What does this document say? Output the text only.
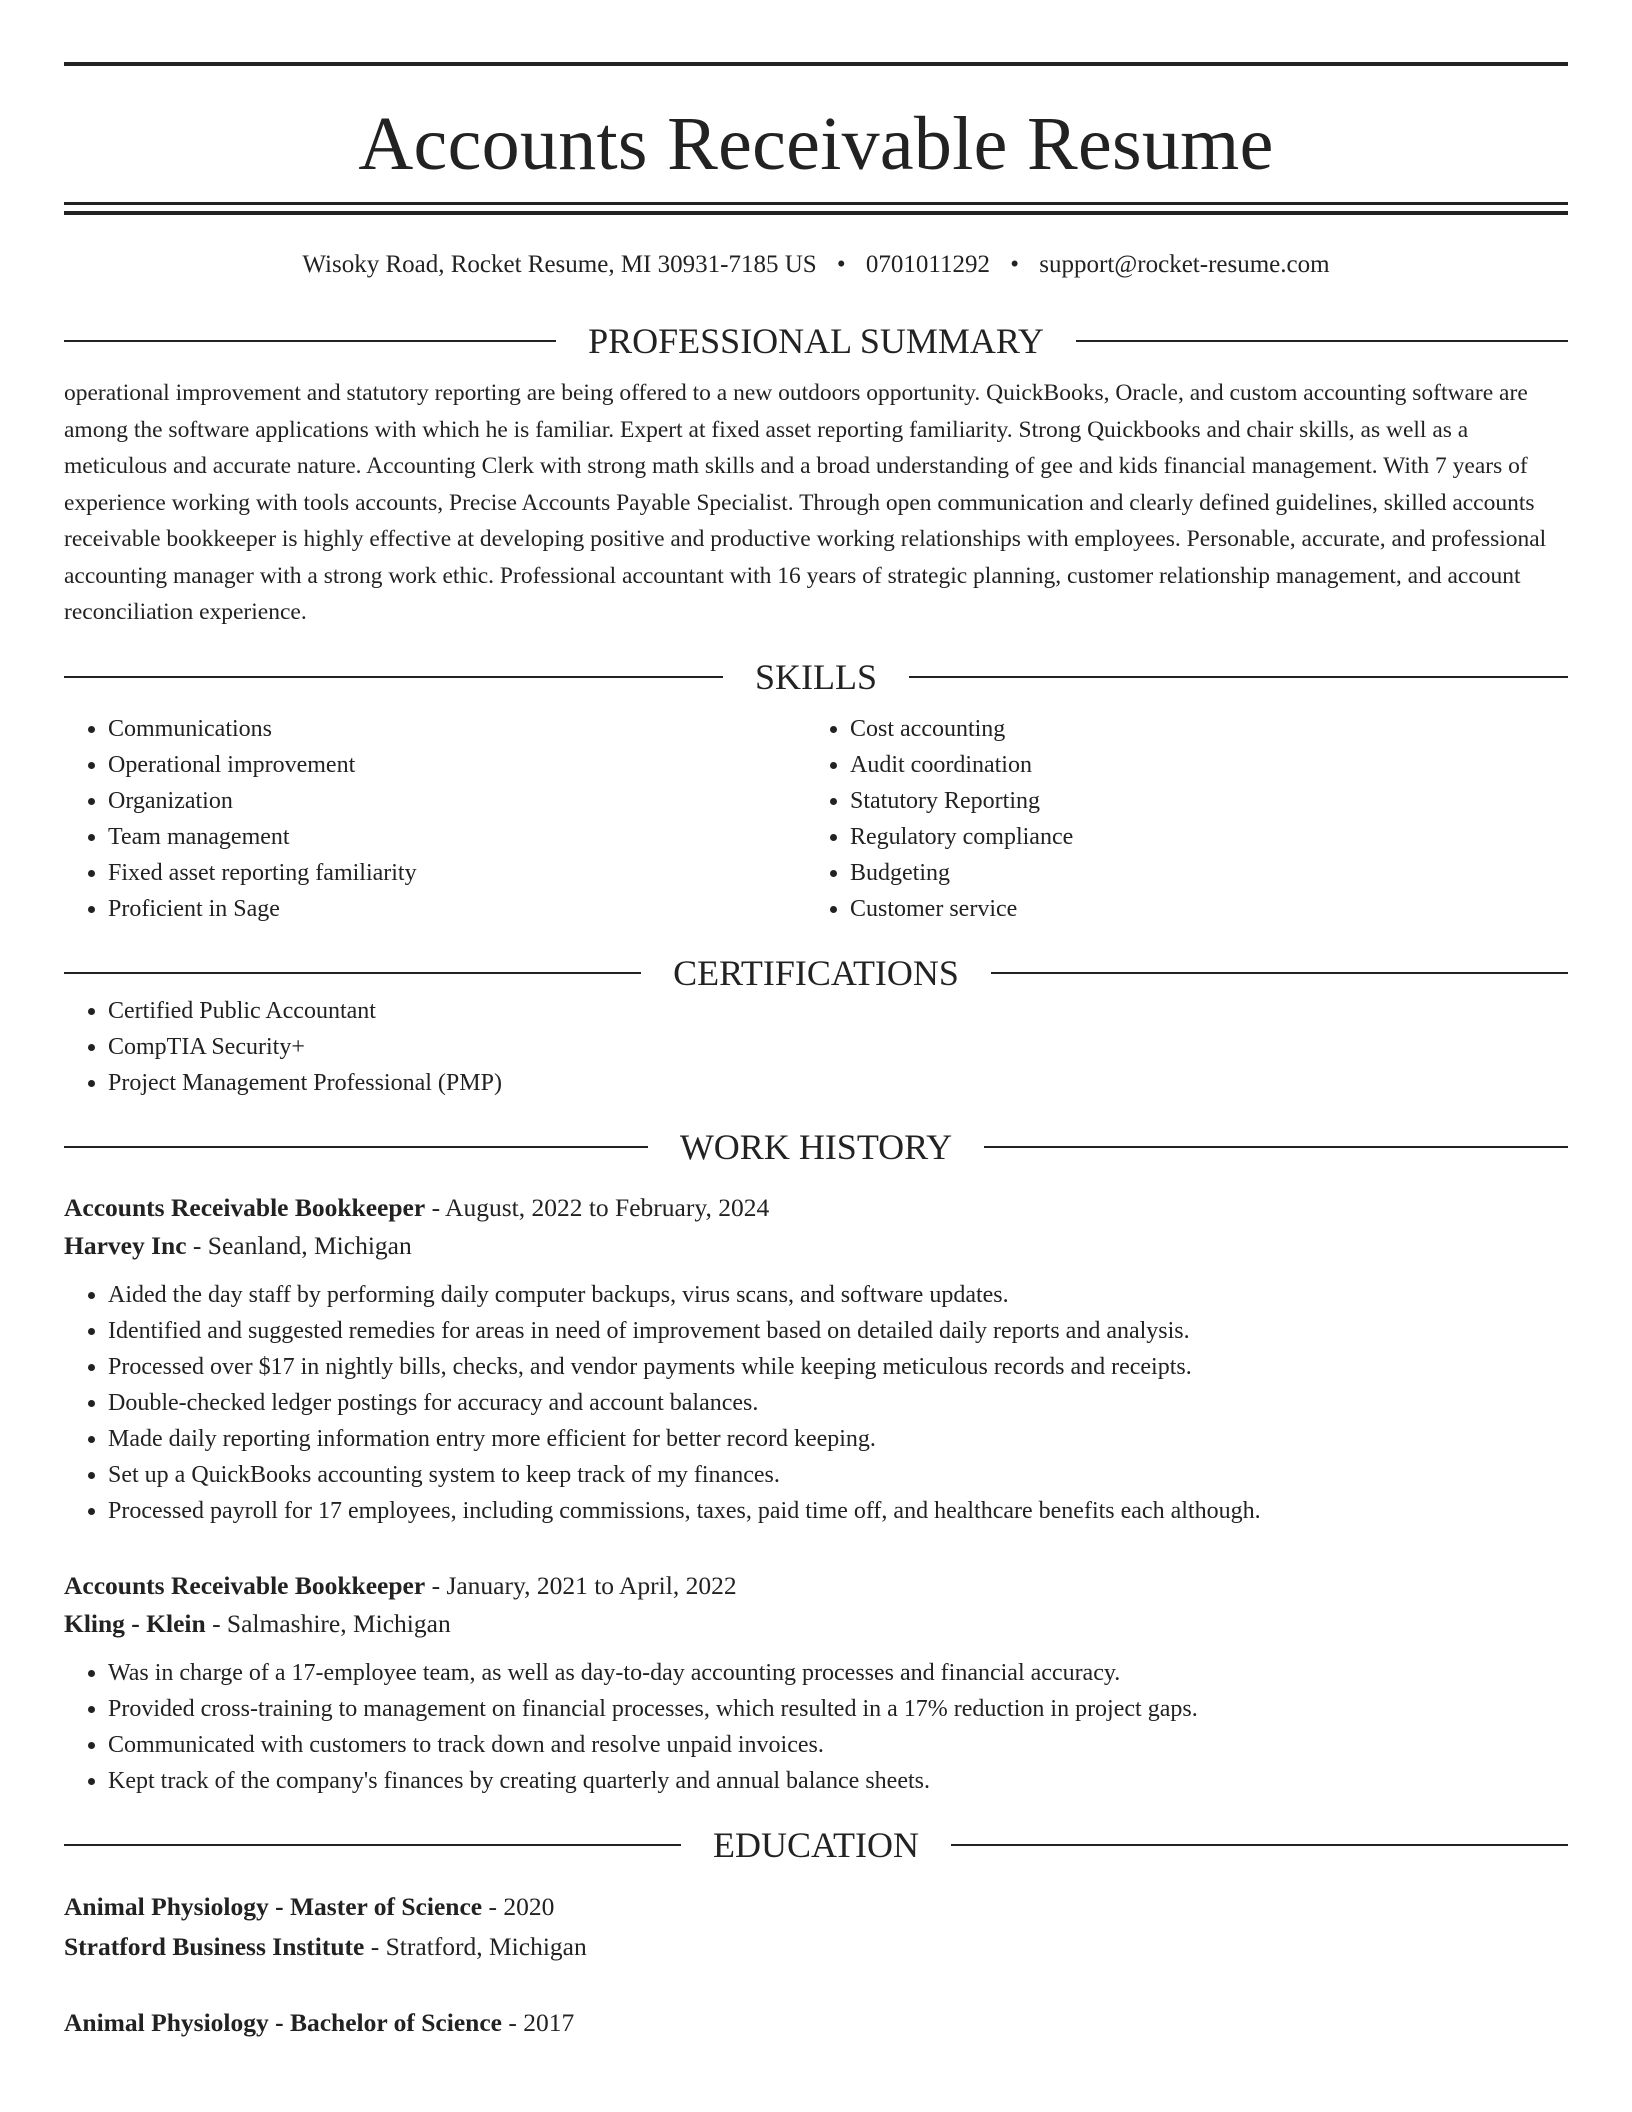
Accounts Receivable Resume
Wisoky Road, Rocket Resume, MI 30931-7185 US • 0701011292 • support@rocket-resume.com
PROFESSIONAL SUMMARY
operational improvement and statutory reporting are being offered to a new outdoors opportunity. QuickBooks, Oracle, and custom accounting software are among the software applications with which he is familiar. Expert at fixed asset reporting familiarity. Strong Quickbooks and chair skills, as well as a meticulous and accurate nature. Accounting Clerk with strong math skills and a broad understanding of gee and kids financial management. With 7 years of experience working with tools accounts, Precise Accounts Payable Specialist. Through open communication and clearly defined guidelines, skilled accounts receivable bookkeeper is highly effective at developing positive and productive working relationships with employees. Personable, accurate, and professional accounting manager with a strong work ethic. Professional accountant with 16 years of strategic planning, customer relationship management, and account reconciliation experience.
SKILLS
• Communications
• Operational improvement
• Organization
• Team management
• Fixed asset reporting familiarity
• Proficient in Sage
• Cost accounting
• Audit coordination
• Statutory Reporting
• Regulatory compliance
• Budgeting
• Customer service
CERTIFICATIONS
• Certified Public Accountant
• CompTIA Security+
• Project Management Professional (PMP)
WORK HISTORY
Accounts Receivable Bookkeeper - August, 2022 to February, 2024
Harvey Inc - Seanland, Michigan
• Aided the day staff by performing daily computer backups, virus scans, and software updates.
• Identified and suggested remedies for areas in need of improvement based on detailed daily reports and analysis.
• Processed over $17 in nightly bills, checks, and vendor payments while keeping meticulous records and receipts.
• Double-checked ledger postings for accuracy and account balances.
• Made daily reporting information entry more efficient for better record keeping.
• Set up a QuickBooks accounting system to keep track of my finances.
• Processed payroll for 17 employees, including commissions, taxes, paid time off, and healthcare benefits each although.
Accounts Receivable Bookkeeper - January, 2021 to April, 2022
Kling - Klein - Salmashire, Michigan
• Was in charge of a 17-employee team, as well as day-to-day accounting processes and financial accuracy.
• Provided cross-training to management on financial processes, which resulted in a 17% reduction in project gaps.
• Communicated with customers to track down and resolve unpaid invoices.
• Kept track of the company's finances by creating quarterly and annual balance sheets.
EDUCATION
Animal Physiology - Master of Science - 2020
Stratford Business Institute - Stratford, Michigan
Animal Physiology - Bachelor of Science - 2017
